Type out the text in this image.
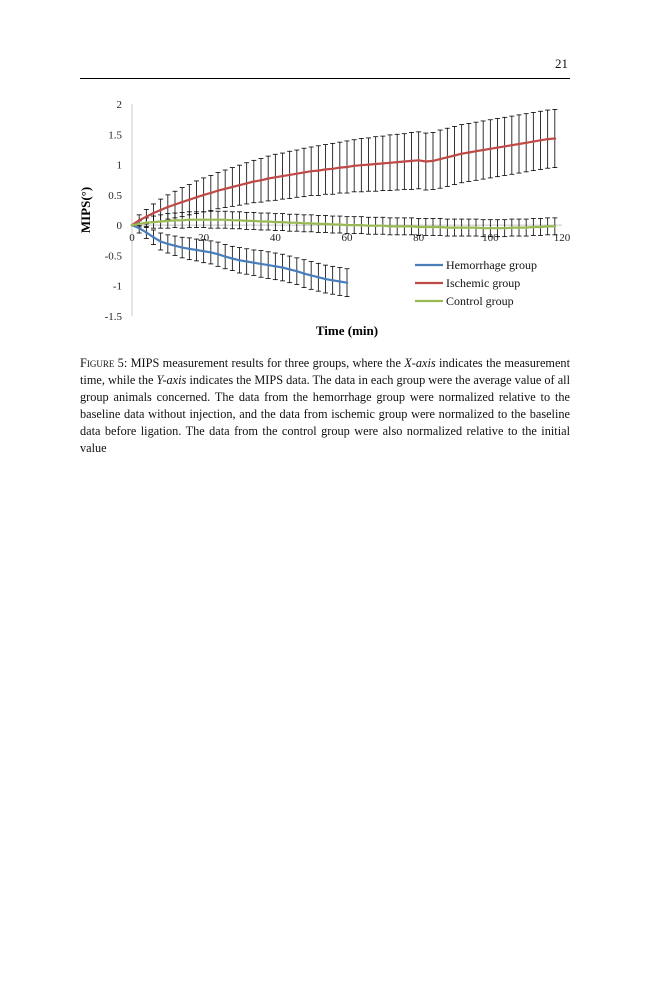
21
2
1.5
1
0.5
0
-0.5
-1
-1.5
0	20	40	60	80	100	120
MIPS(°)
Time (min)
Hemorrhage group
Ischemic group
Control group
Figure 5: MIPS measurement results for three groups, where the X-axis indicates the measurement time, while the Y-axis indicates the MIPS data. The data in each group were the average value of all group animals concerned. The data from the hemorrhage group were normalized relative to the baseline data without injection, and the data from ischemic group were normalized to the baseline data before ligation. The data from the control group were also normalized relative to the initial value
